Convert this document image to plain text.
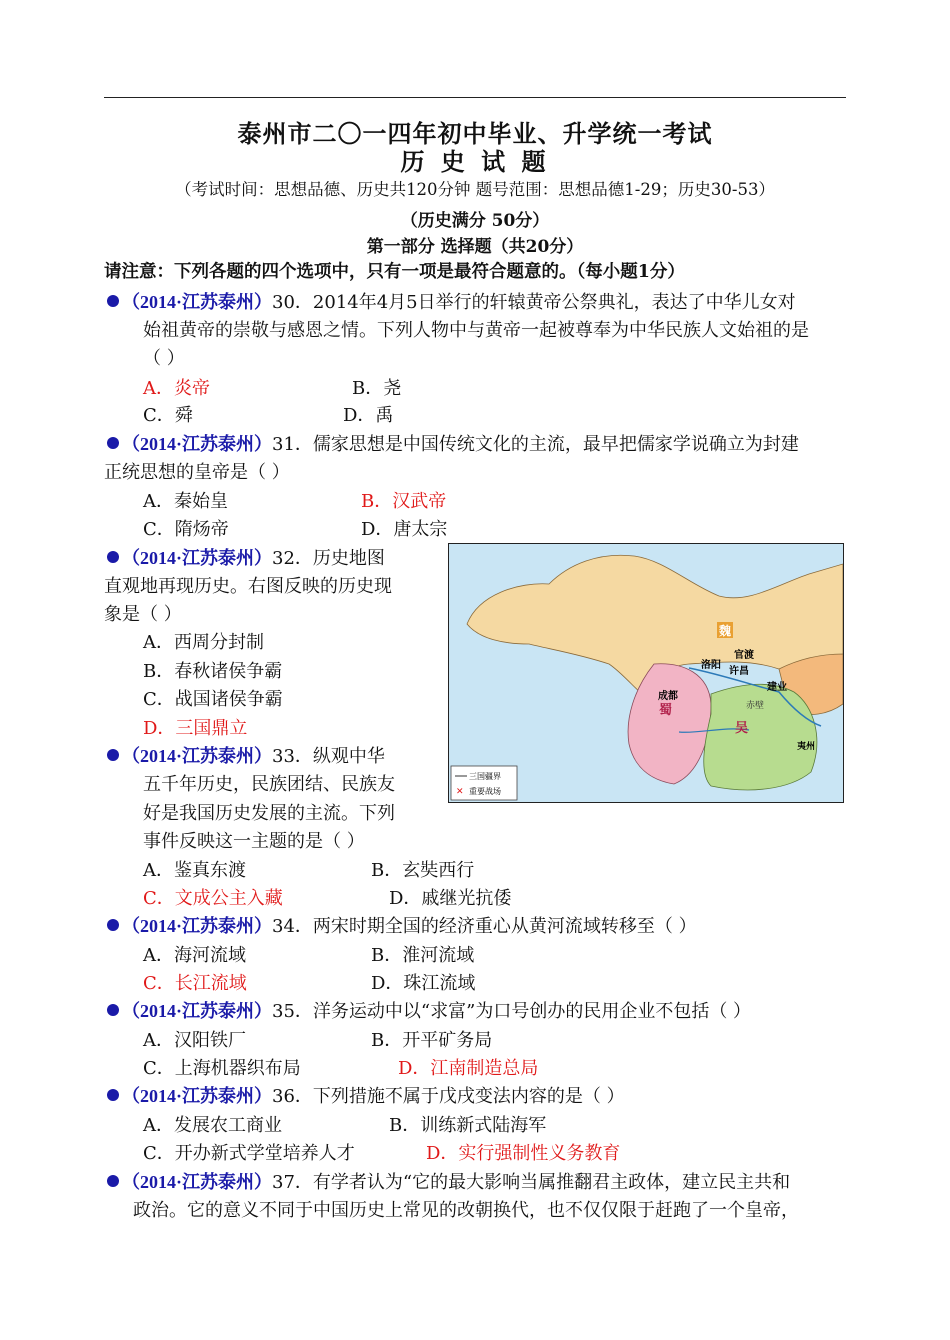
泰州市二〇一四年初中毕业、升学统一考试
历 史 试 题
（考试时间：思想品德、历史共120分钟 题号范围：思想品德1-29；历史30-53）
（历史满分 50分）
第一部分 选择题（共20分）
请注意：下列各题的四个选项中，只有一项是最符合题意的。（每小题1分）
（2014·江苏泰州）30．2014年4月5日举行的轩辕黄帝公祭典礼，表达了中华儿女对
始祖黄帝的崇敬与感恩之情。下列人物中与黄帝一起被尊奉为中华民族人文始祖的是
（ ）
A．炎帝	B．尧
C．舜	D．禹
（2014·江苏泰州）31．儒家思想是中国传统文化的主流，最早把儒家学说确立为封建
正统思想的皇帝是（ ）
A．秦始皇	B．汉武帝
C．隋炀帝	D．唐太宗
（2014·江苏泰州）32．历史地图
直观地再现历史。右图反映的历史现
象是（ ）
A．西周分封制
B．春秋诸侯争霸
C．战国诸侯争霸
D．三国鼎立
（2014·江苏泰州）33．纵观中华
五千年历史，民族团结、民族友
好是我国历史发展的主流。下列
事件反映这一主题的是（ ）
A．鉴真东渡	B．玄奘西行
C．文成公主入藏	D．戚继光抗倭
（2014·江苏泰州）34．两宋时期全国的经济重心从黄河流域转移至（ ）
A．海河流域	B．淮河流域
C．长江流域	D．珠江流域
（2014·江苏泰州）35．洋务运动中以“求富”为口号创办的民用企业不包括（ ）
A．汉阳铁厂	B．开平矿务局
C．上海机器织布局	D．江南制造总局
（2014·江苏泰州）36．下列措施不属于戊戌变法内容的是（ ）
A．发展农工商业	B．训练新式陆海军
C．开办新式学堂培养人才	D．实行强制性义务教育
（2014·江苏泰州）37．有学者认为“它的最大影响当属推翻君主政体，建立民主共和
政治。它的意义不同于中国历史上常见的改朝换代，也不仅仅限于赶跑了一个皇帝，
魏
蜀
吴
洛阳
许昌
官渡
成都
建业
赤壁
夷州
三国疆界
✕ 重要战场
